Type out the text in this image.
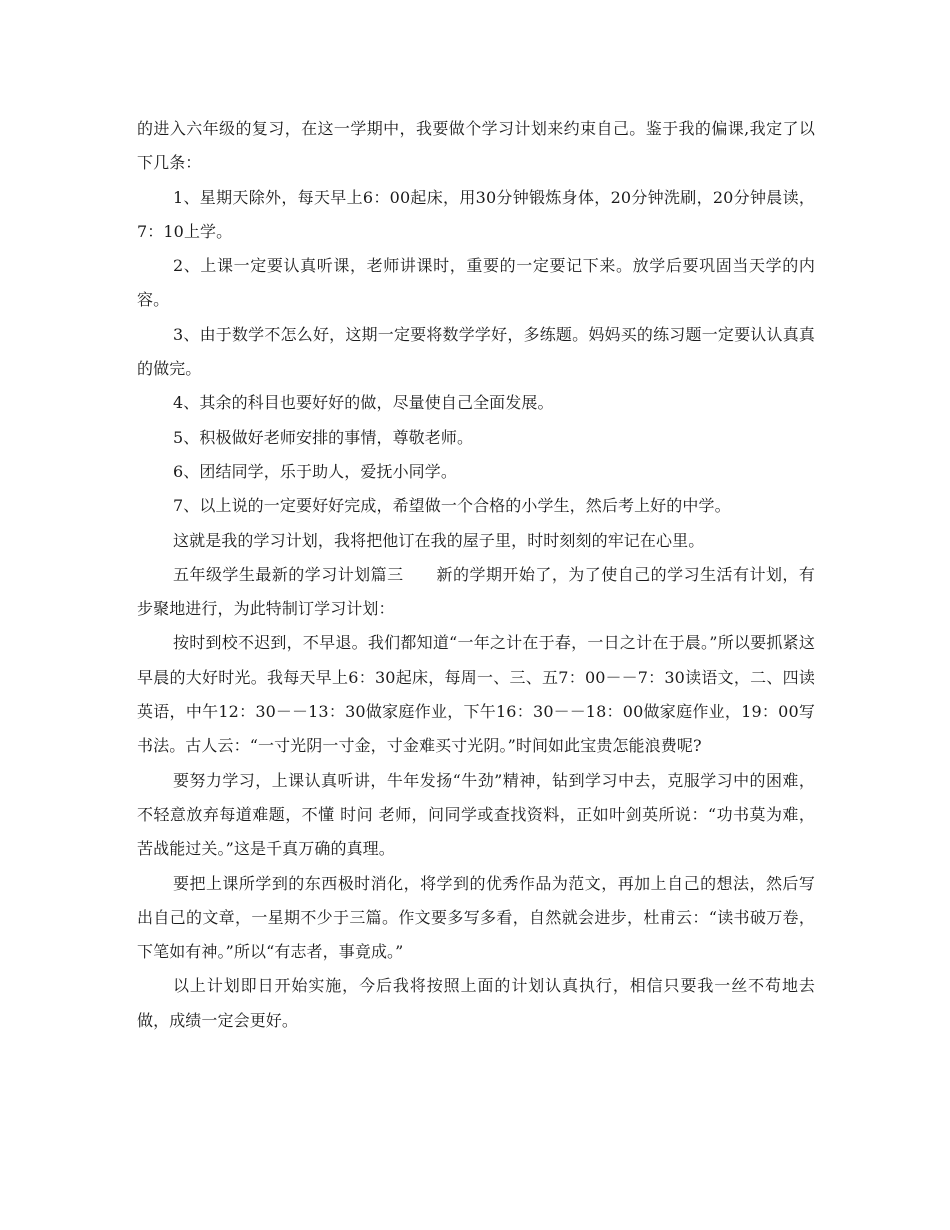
的进入六年级的复习，在这一学期中，我要做个学习计划来约束自己。鉴于我的偏课,我定了以下几条：

1、星期天除外，每天早上6：00起床，用30分钟锻炼身体，20分钟洗刷，20分钟晨读，7：10上学。

2、上课一定要认真听课，老师讲课时，重要的一定要记下来。放学后要巩固当天学的内容。

3、由于数学不怎么好，这期一定要将数学学好，多练题。妈妈买的练习题一定要认认真真的做完。

4、其余的科目也要好好的做，尽量使自己全面发展。

5、积极做好老师安排的事情，尊敬老师。

6、团结同学，乐于助人，爱抚小同学。

7、以上说的一定要好好完成，希望做一个合格的小学生，然后考上好的中学。

这就是我的学习计划，我将把他订在我的屋子里，时时刻刻的牢记在心里。

五年级学生最新的学习计划篇三　　新的学期开始了，为了使自己的学习生活有计划，有步聚地进行，为此特制订学习计划：

按时到校不迟到，不早退。我们都知道“一年之计在于春，一日之计在于晨。”所以要抓紧这早晨的大好时光。我每天早上6：30起床，每周一、三、五7：00－－7：30读语文，二、四读英语，中午12：30－－13：30做家庭作业，下午16：30－－18：00做家庭作业，19：00写书法。古人云：“一寸光阴一寸金，寸金难买寸光阴。”时间如此宝贵怎能浪费呢?

要努力学习，上课认真听讲，牛年发扬“牛劲”精神，钻到学习中去，克服学习中的困难，不轻意放弃每道难题，不懂 时问 老师，问同学或查找资料，正如叶剑英所说：“功书莫为难，苦战能过关。”这是千真万确的真理。

要把上课所学到的东西极时消化，将学到的优秀作品为范文，再加上自己的想法，然后写出自己的文章，一星期不少于三篇。作文要多写多看，自然就会进步，杜甫云：“读书破万卷，下笔如有神。”所以“有志者，事竟成。”

以上计划即日开始实施，今后我将按照上面的计划认真执行，相信只要我一丝不苟地去做，成绩一定会更好。
